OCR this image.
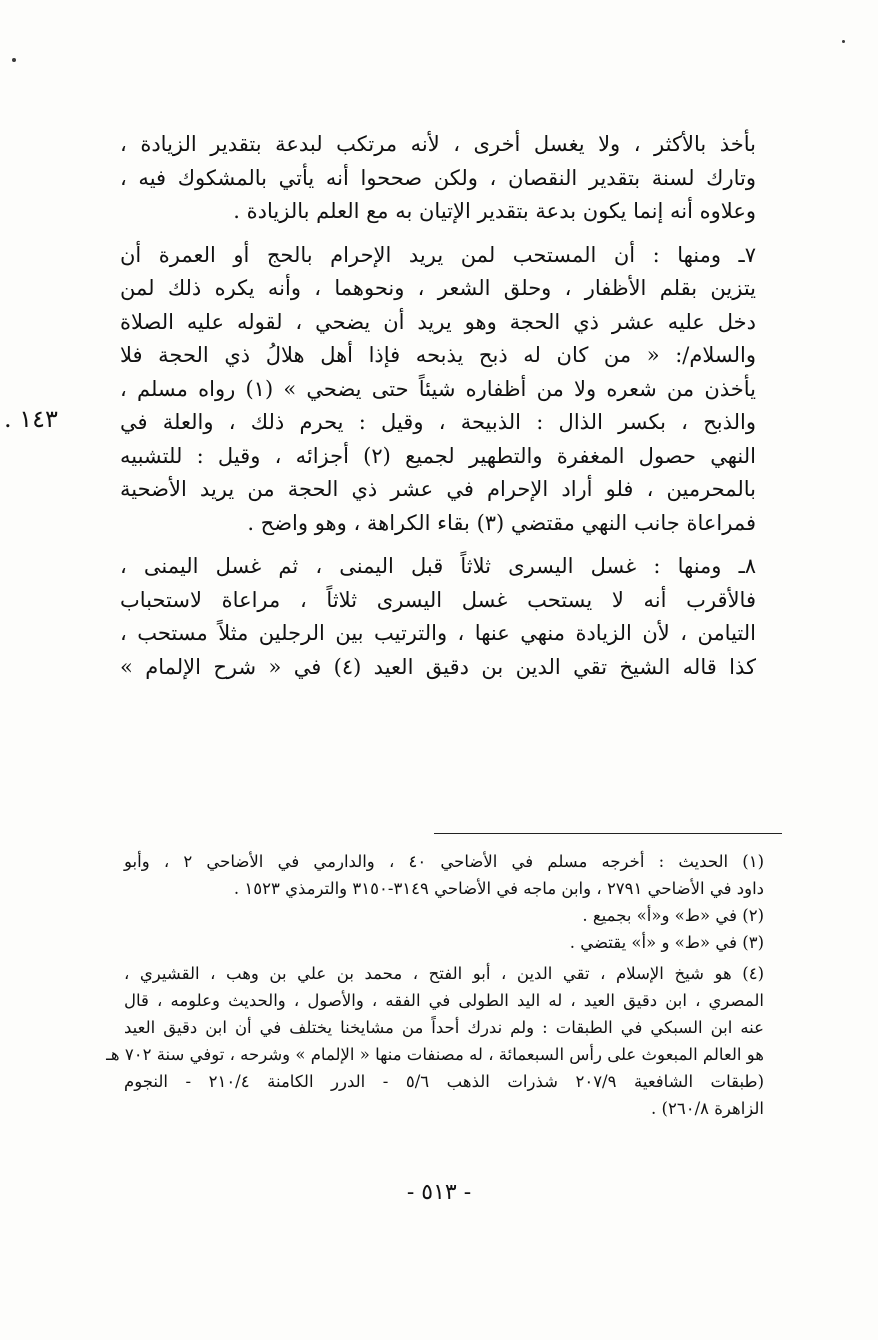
١٤٣ .
بأخذ بالأكثر ، ولا يغسل أخرى ، لأنه مرتكب لبدعة بتقدير الزيادة ،
وتارك لسنة بتقدير النقصان ، ولكن صححوا أنه يأتي بالمشكوك فيه ،
وعلاوه أنه إنما يكون بدعة بتقدير الإتيان به مع العلم بالزيادة .
٧ـ ومنها : أن المستحب لمن يريد الإحرام بالحج أو العمرة أن
يتزين بقلم الأظفار ، وحلق الشعر ، ونحوهما ، وأنه يكره ذلك لمن
دخل عليه عشر ذي الحجة وهو يريد أن يضحي ، لقوله عليه الصلاة
والسلام/: « من كان له ذبح يذبحه فإذا أهل هلالُ ذي الحجة فلا
يأخذن من شعره ولا من أظفاره شيئاً حتى يضحي » (١) رواه مسلم ،
والذبح ، بكسر الذال : الذبيحة ، وقيل : يحرم ذلك ، والعلة في
النهي حصول المغفرة والتطهير لجميع (٢) أجزائه ، وقيل : للتشبيه
بالمحرمين ، فلو أراد الإحرام في عشر ذي الحجة من يريد الأضحية
فمراعاة جانب النهي مقتضي (٣) بقاء الكراهة ، وهو واضح .
٨ـ ومنها : غسل اليسرى ثلاثاً قبل اليمنى ، ثم غسل اليمنى ،
فالأقرب أنه لا يستحب غسل اليسرى ثلاثاً ، مراعاة لاستحباب
التيامن ، لأن الزيادة منهي عنها ، والترتيب بين الرجلين مثلاً مستحب ،
كذا قاله الشيخ تقي الدين بن دقيق العيد (٤) في « شرح الإلمام »
(١) الحديث : أخرجه مسلم في الأضاحي ٤٠ ، والدارمي في الأضاحي ٢ ، وأبو
داود في الأضاحي ٢٧٩١ ، وابن ماجه في الأضاحي ٣١٤٩-٣١٥٠ والترمذي ١٥٢٣ .
(٢) في «ط» و«أ» بجميع .
(٣) في «ط» و «أ» يقتضي .
(٤) هو شيخ الإسلام ، تقي الدين ، أبو الفتح ، محمد بن علي بن وهب ، القشيري ،
المصري ، ابن دقيق العيد ، له اليد الطولى في الفقه ، والأصول ، والحديث وعلومه ، قال
عنه ابن السبكي في الطبقات : ولم ندرك أحداً من مشايخنا يختلف في أن ابن دقيق العيد
هو العالم المبعوث على رأس السبعمائة ، له مصنفات منها « الإلمام » وشرحه ، توفي سنة ٧٠٢ هـ
(طبقات الشافعية ٢٠٧/٩ شذرات الذهب ٥/٦ - الدرر الكامنة ٢١٠/٤ - النجوم
الزاهرة ٢٦٠/٨) .
- ٥١٣ -
